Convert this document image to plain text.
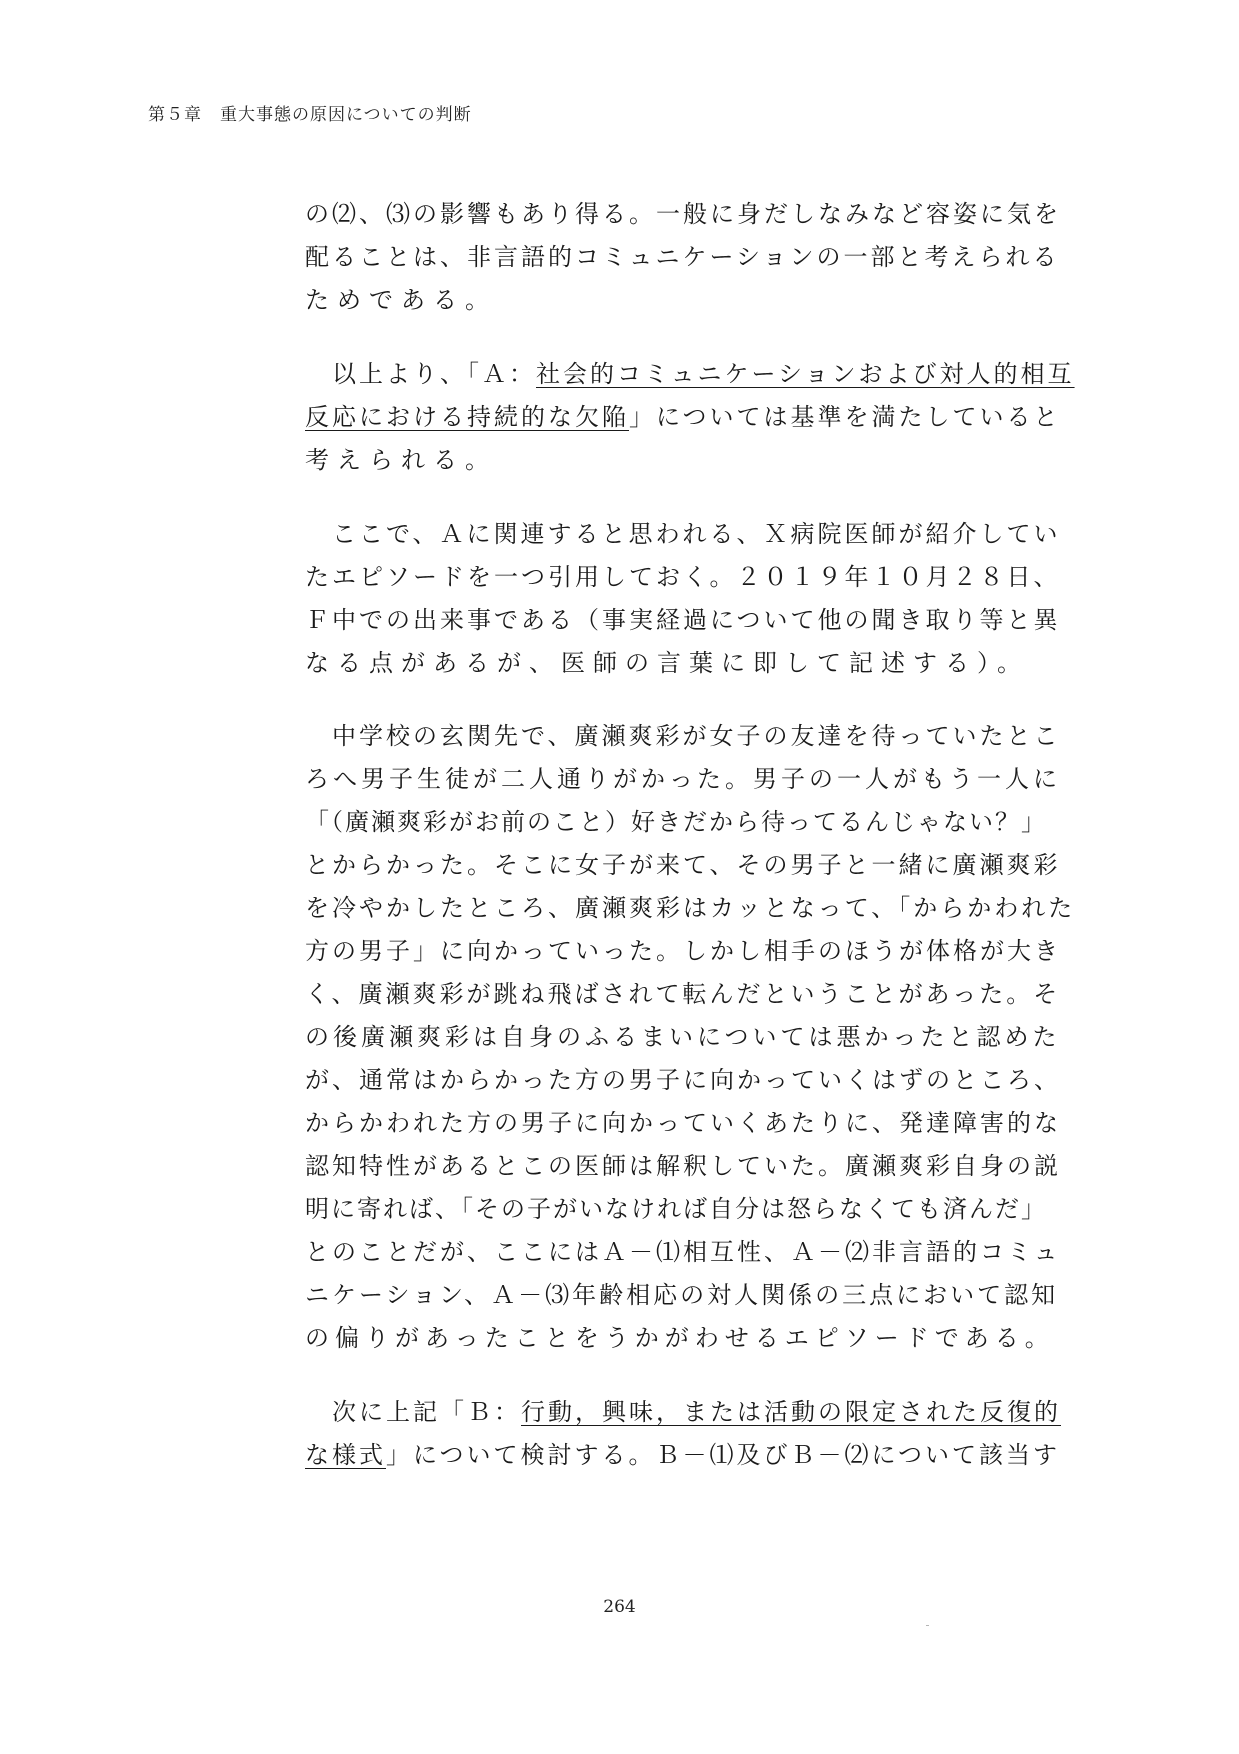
第５章　重大事態の原因についての判断
の⑵、⑶の影響もあり得る。一般に身だしなみなど容姿に気を
配ることは、非言語的コミュニケーションの一部と考えられる
ためである。
　以上より、「Ａ：社会的コミュニケーションおよび対人的相互
反応における持続的な欠陥」については基準を満たしていると
考えられる。
　ここで、Ａに関連すると思われる、Ｘ病院医師が紹介してい
たエピソードを一つ引用しておく。２０１９年１０月２８日、
Ｆ中での出来事である（事実経過について他の聞き取り等と異
なる点があるが、医師の言葉に即して記述する）。
　中学校の玄関先で、廣瀬爽彩が女子の友達を待っていたとこ
ろへ男子生徒が二人通りがかった。男子の一人がもう一人に
「（廣瀬爽彩がお前のこと）好きだから待ってるんじゃない？」
とからかった。そこに女子が来て、その男子と一緒に廣瀬爽彩
を冷やかしたところ、廣瀬爽彩はカッとなって、「からかわれた
方の男子」に向かっていった。しかし相手のほうが体格が大き
く、廣瀬爽彩が跳ね飛ばされて転んだということがあった。そ
の後廣瀬爽彩は自身のふるまいについては悪かったと認めた
が、通常はからかった方の男子に向かっていくはずのところ、
からかわれた方の男子に向かっていくあたりに、発達障害的な
認知特性があるとこの医師は解釈していた。廣瀬爽彩自身の説
明に寄れば、「その子がいなければ自分は怒らなくても済んだ」
とのことだが、ここにはＡ－⑴相互性、Ａ－⑵非言語的コミュ
ニケーション、Ａ－⑶年齢相応の対人関係の三点において認知
の偏りがあったことをうかがわせるエピソードである。
　次に上記「Ｂ：行動，興味，または活動の限定された反復的
な様式」について検討する。Ｂ－⑴及びＢ－⑵について該当す
264
